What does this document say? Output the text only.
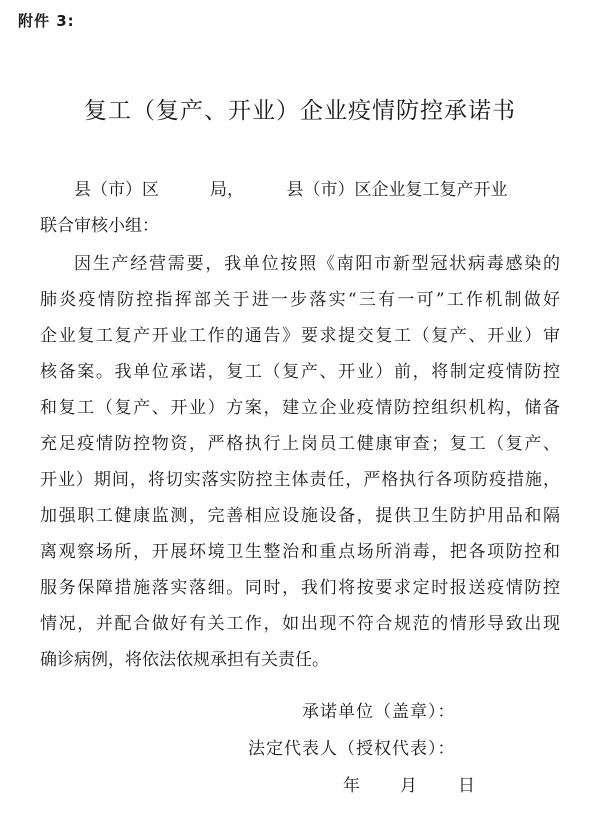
附件 3:
复工（复产、开业）企业疫情防控承诺书
县（市）区　　　局，　　　县（市）区企业复工复产开业
联合审核小组：
因生产经营需要，我单位按照《南阳市新型冠状病毒感染的
肺炎疫情防控指挥部关于进一步落实“三有一可”工作机制做好
企业复工复产开业工作的通告》要求提交复工（复产、开业）审
核备案。我单位承诺，复工（复产、开业）前，将制定疫情防控
和复工（复产、开业）方案，建立企业疫情防控组织机构，储备
充足疫情防控物资，严格执行上岗员工健康审查；复工（复产、
开业）期间，将切实落实防控主体责任，严格执行各项防疫措施，
加强职工健康监测，完善相应设施设备，提供卫生防护用品和隔
离观察场所，开展环境卫生整治和重点场所消毒，把各项防控和
服务保障措施落实落细。同时，我们将按要求定时报送疫情防控
情况，并配合做好有关工作，如出现不符合规范的情形导致出现
确诊病例，将依法依规承担有关责任。
承诺单位（盖章）：
法定代表人（授权代表）：
年 月 日
